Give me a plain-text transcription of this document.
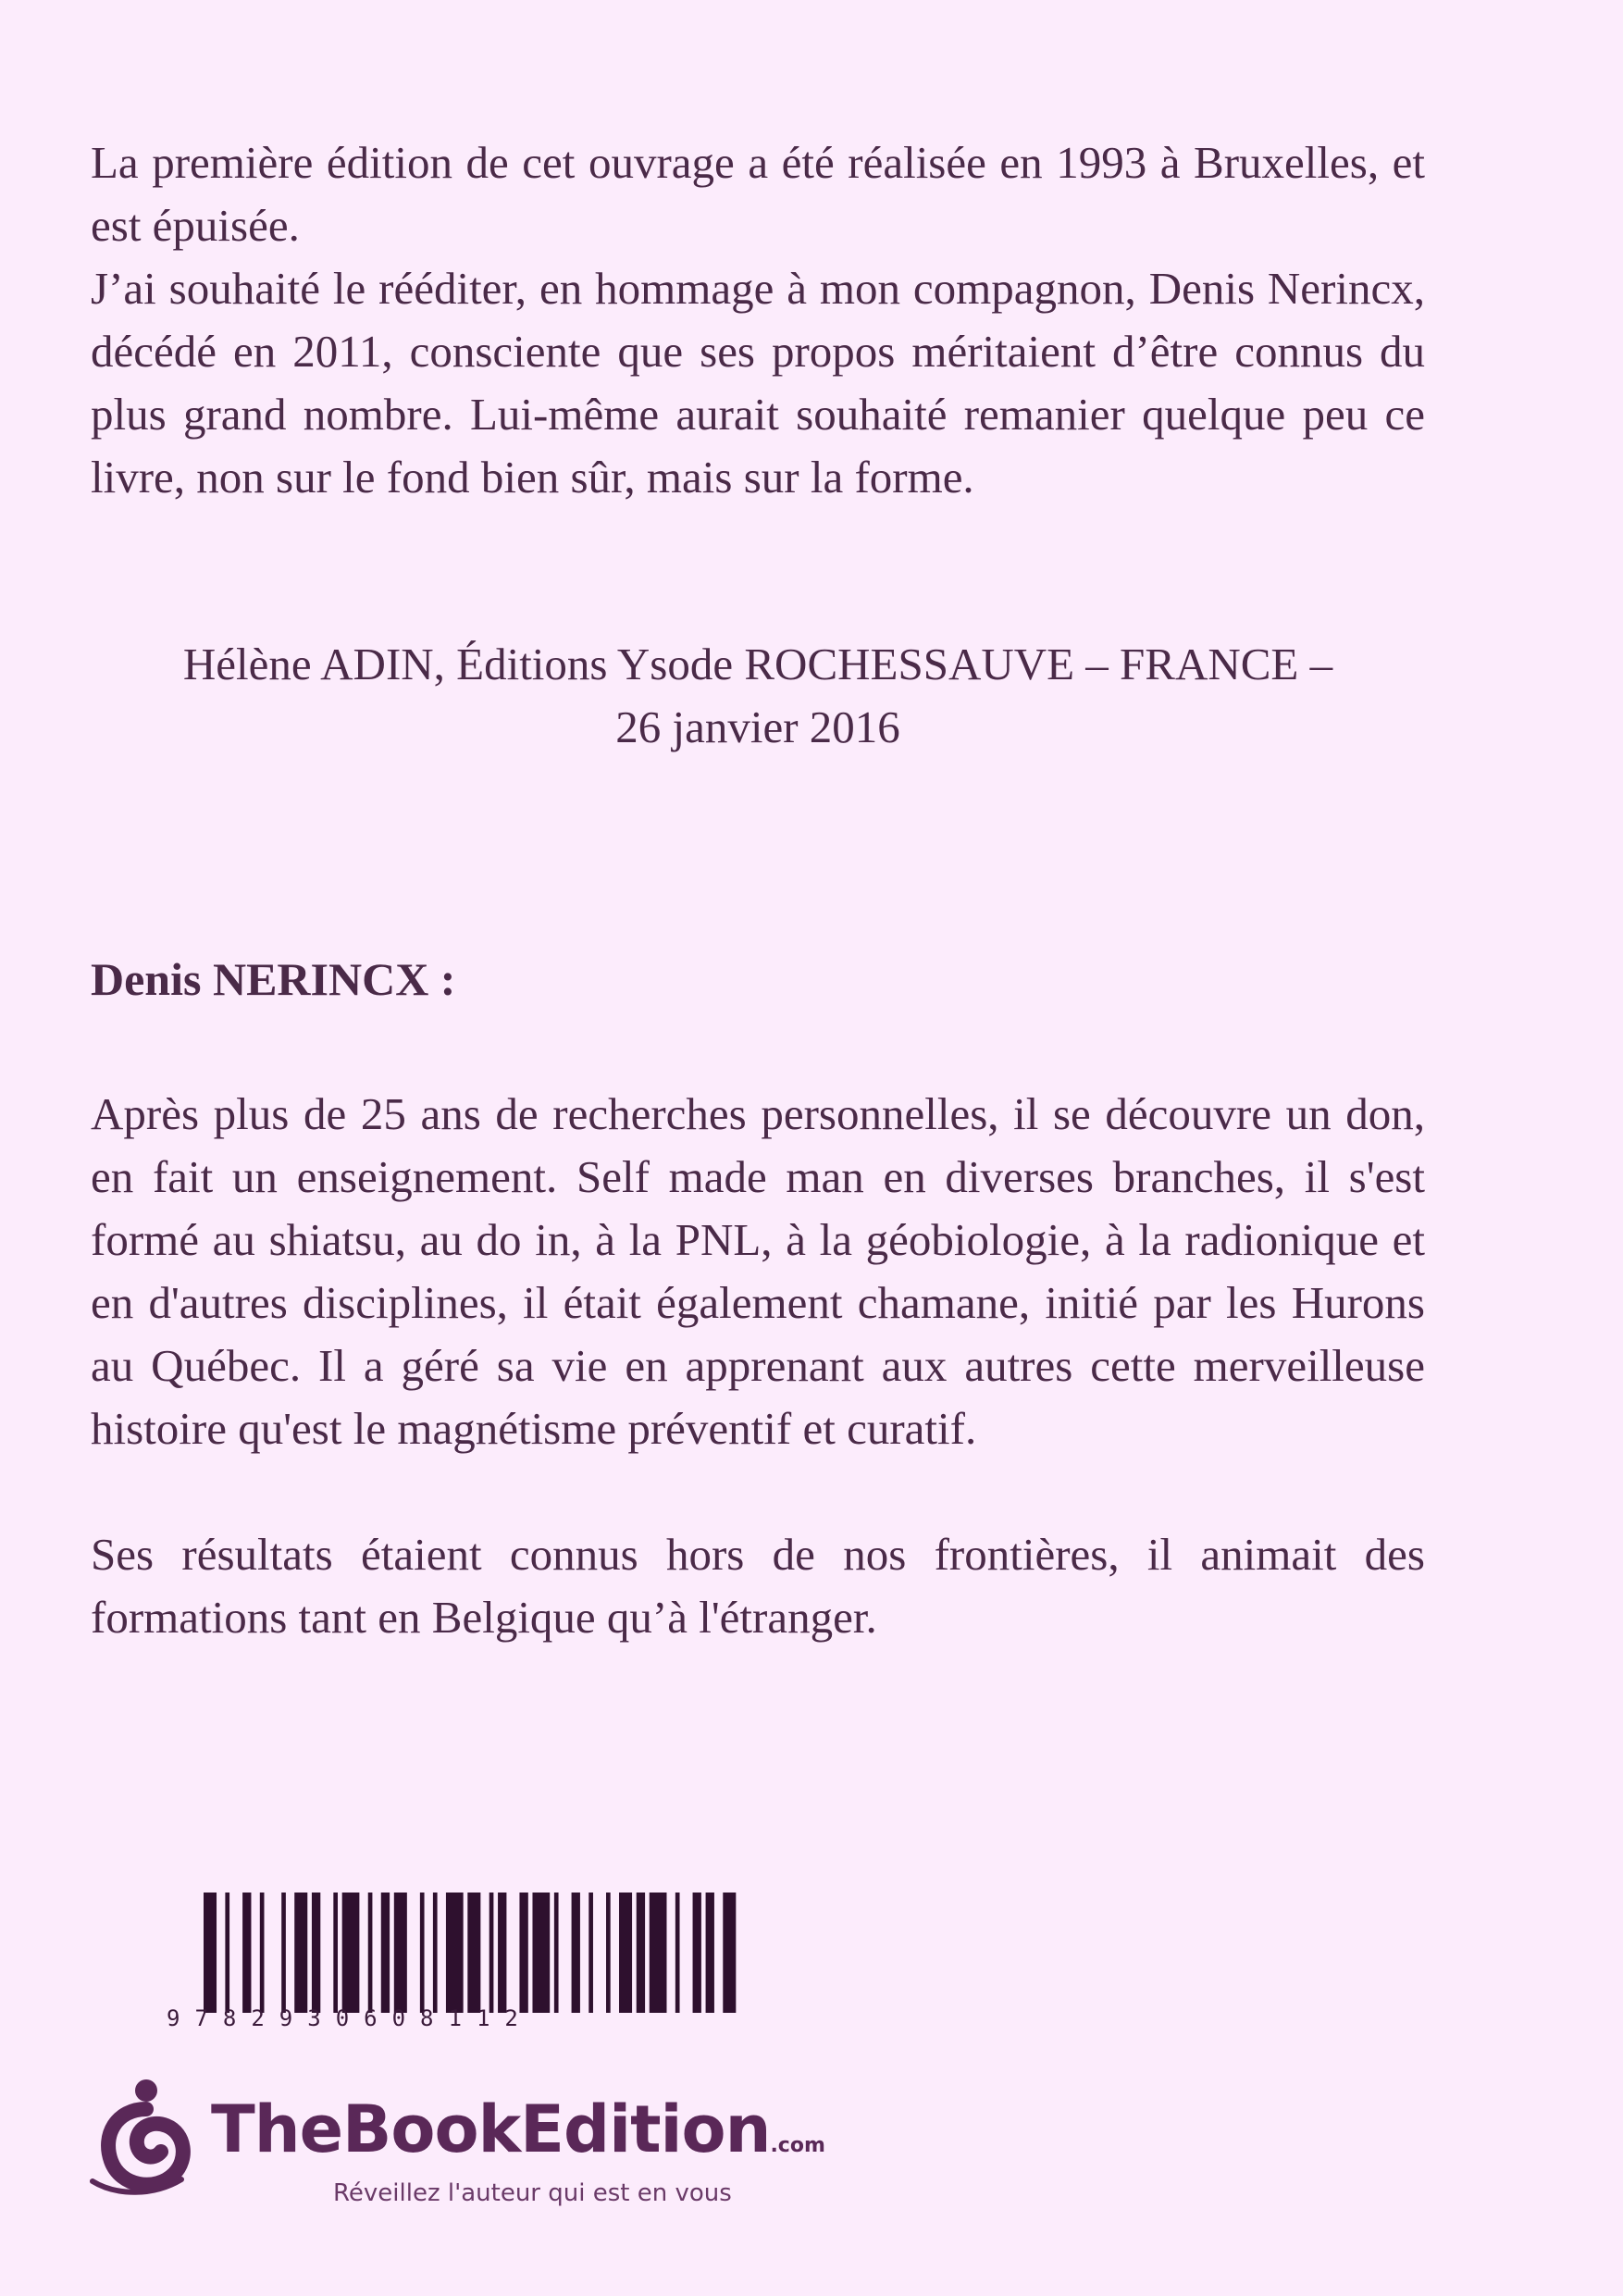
La première édition de cet ouvrage a été réalisée en 1993 à Bruxelles, et est épuisée.

J’ai souhaité le rééditer, en hommage à mon compagnon, Denis Nerincx, décédé en 2011, consciente que ses propos méritaient d’être connus du plus grand nombre. Lui-même aurait souhaité remanier quelque peu ce livre, non sur le fond bien sûr, mais sur la forme.

Hélène ADIN, Éditions Ysode ROCHESSAUVE – FRANCE –
26 janvier 2016
Denis NERINCX :

Après plus de 25 ans de recherches personnelles, il se découvre un don, en fait un enseignement. Self made man en diverses branches, il s'est formé au shiatsu, au do in, à la PNL, à la géobiologie, à la radionique et en d'autres disciplines, il était également chamane, initié par les Hurons au Québec. Il a géré sa vie en apprenant aux autres cette merveilleuse histoire qu'est le magnétisme préventif et curatif.

Ses résultats étaient connus hors de nos frontières, il animait des formations tant en Belgique qu’à l'étranger.

9782930608112
TheBookEdition.com
Réveillez l'auteur qui est en vous
